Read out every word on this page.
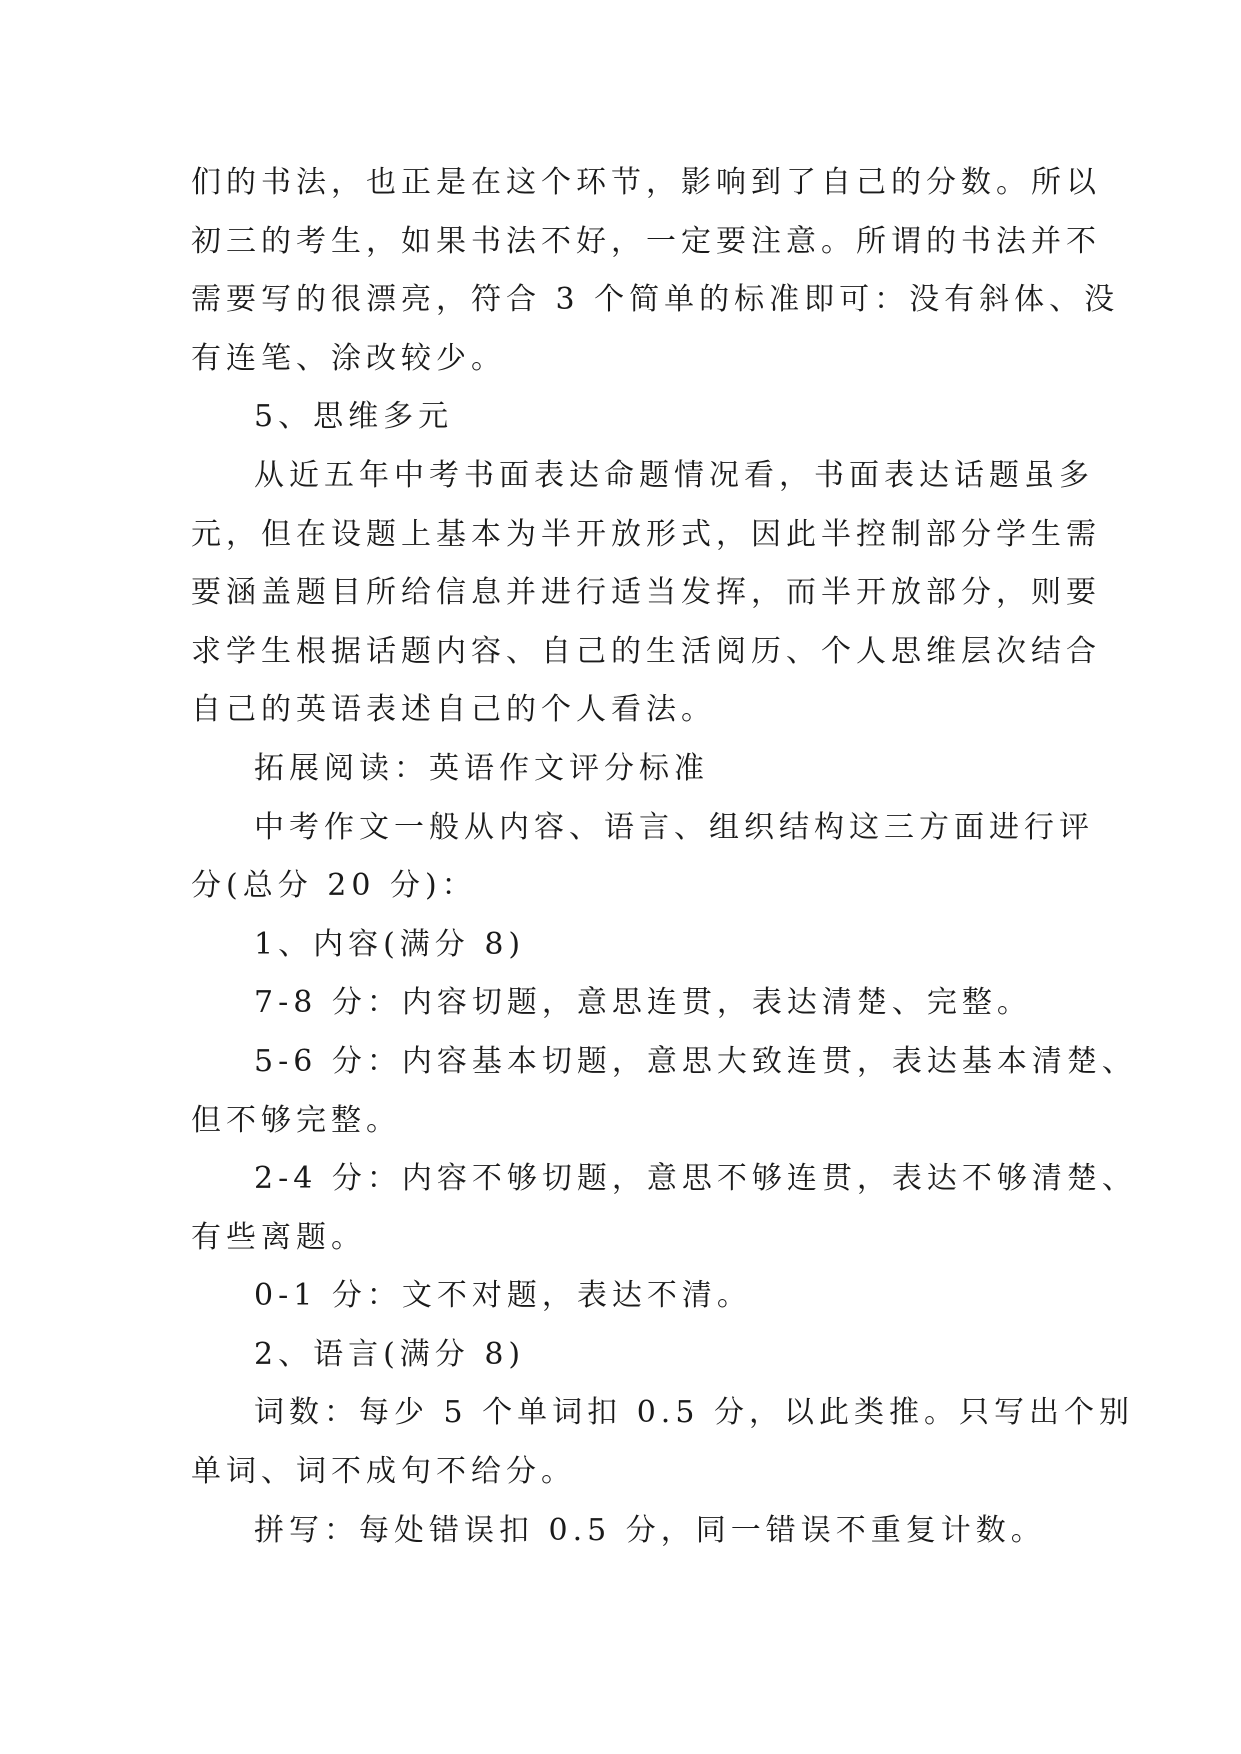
们的书法，也正是在这个环节，影响到了自己的分数。所以
初三的考生，如果书法不好，一定要注意。所谓的书法并不
需要写的很漂亮，符合 3 个简单的标准即可：没有斜体、没
有连笔、涂改较少。
5、思维多元
从近五年中考书面表达命题情况看，书面表达话题虽多
元，但在设题上基本为半开放形式，因此半控制部分学生需
要涵盖题目所给信息并进行适当发挥，而半开放部分，则要
求学生根据话题内容、自己的生活阅历、个人思维层次结合
自己的英语表述自己的个人看法。
拓展阅读：英语作文评分标准
中考作文一般从内容、语言、组织结构这三方面进行评
分(总分 20 分)：
1、内容(满分 8)
7-8 分：内容切题，意思连贯，表达清楚、完整。
5-6 分：内容基本切题，意思大致连贯，表达基本清楚、
但不够完整。
2-4 分：内容不够切题，意思不够连贯，表达不够清楚、
有些离题。
0-1 分：文不对题，表达不清。
2、语言(满分 8)
词数：每少 5 个单词扣 0.5 分，以此类推。只写出个别
单词、词不成句不给分。
拼写：每处错误扣 0.5 分，同一错误不重复计数。
